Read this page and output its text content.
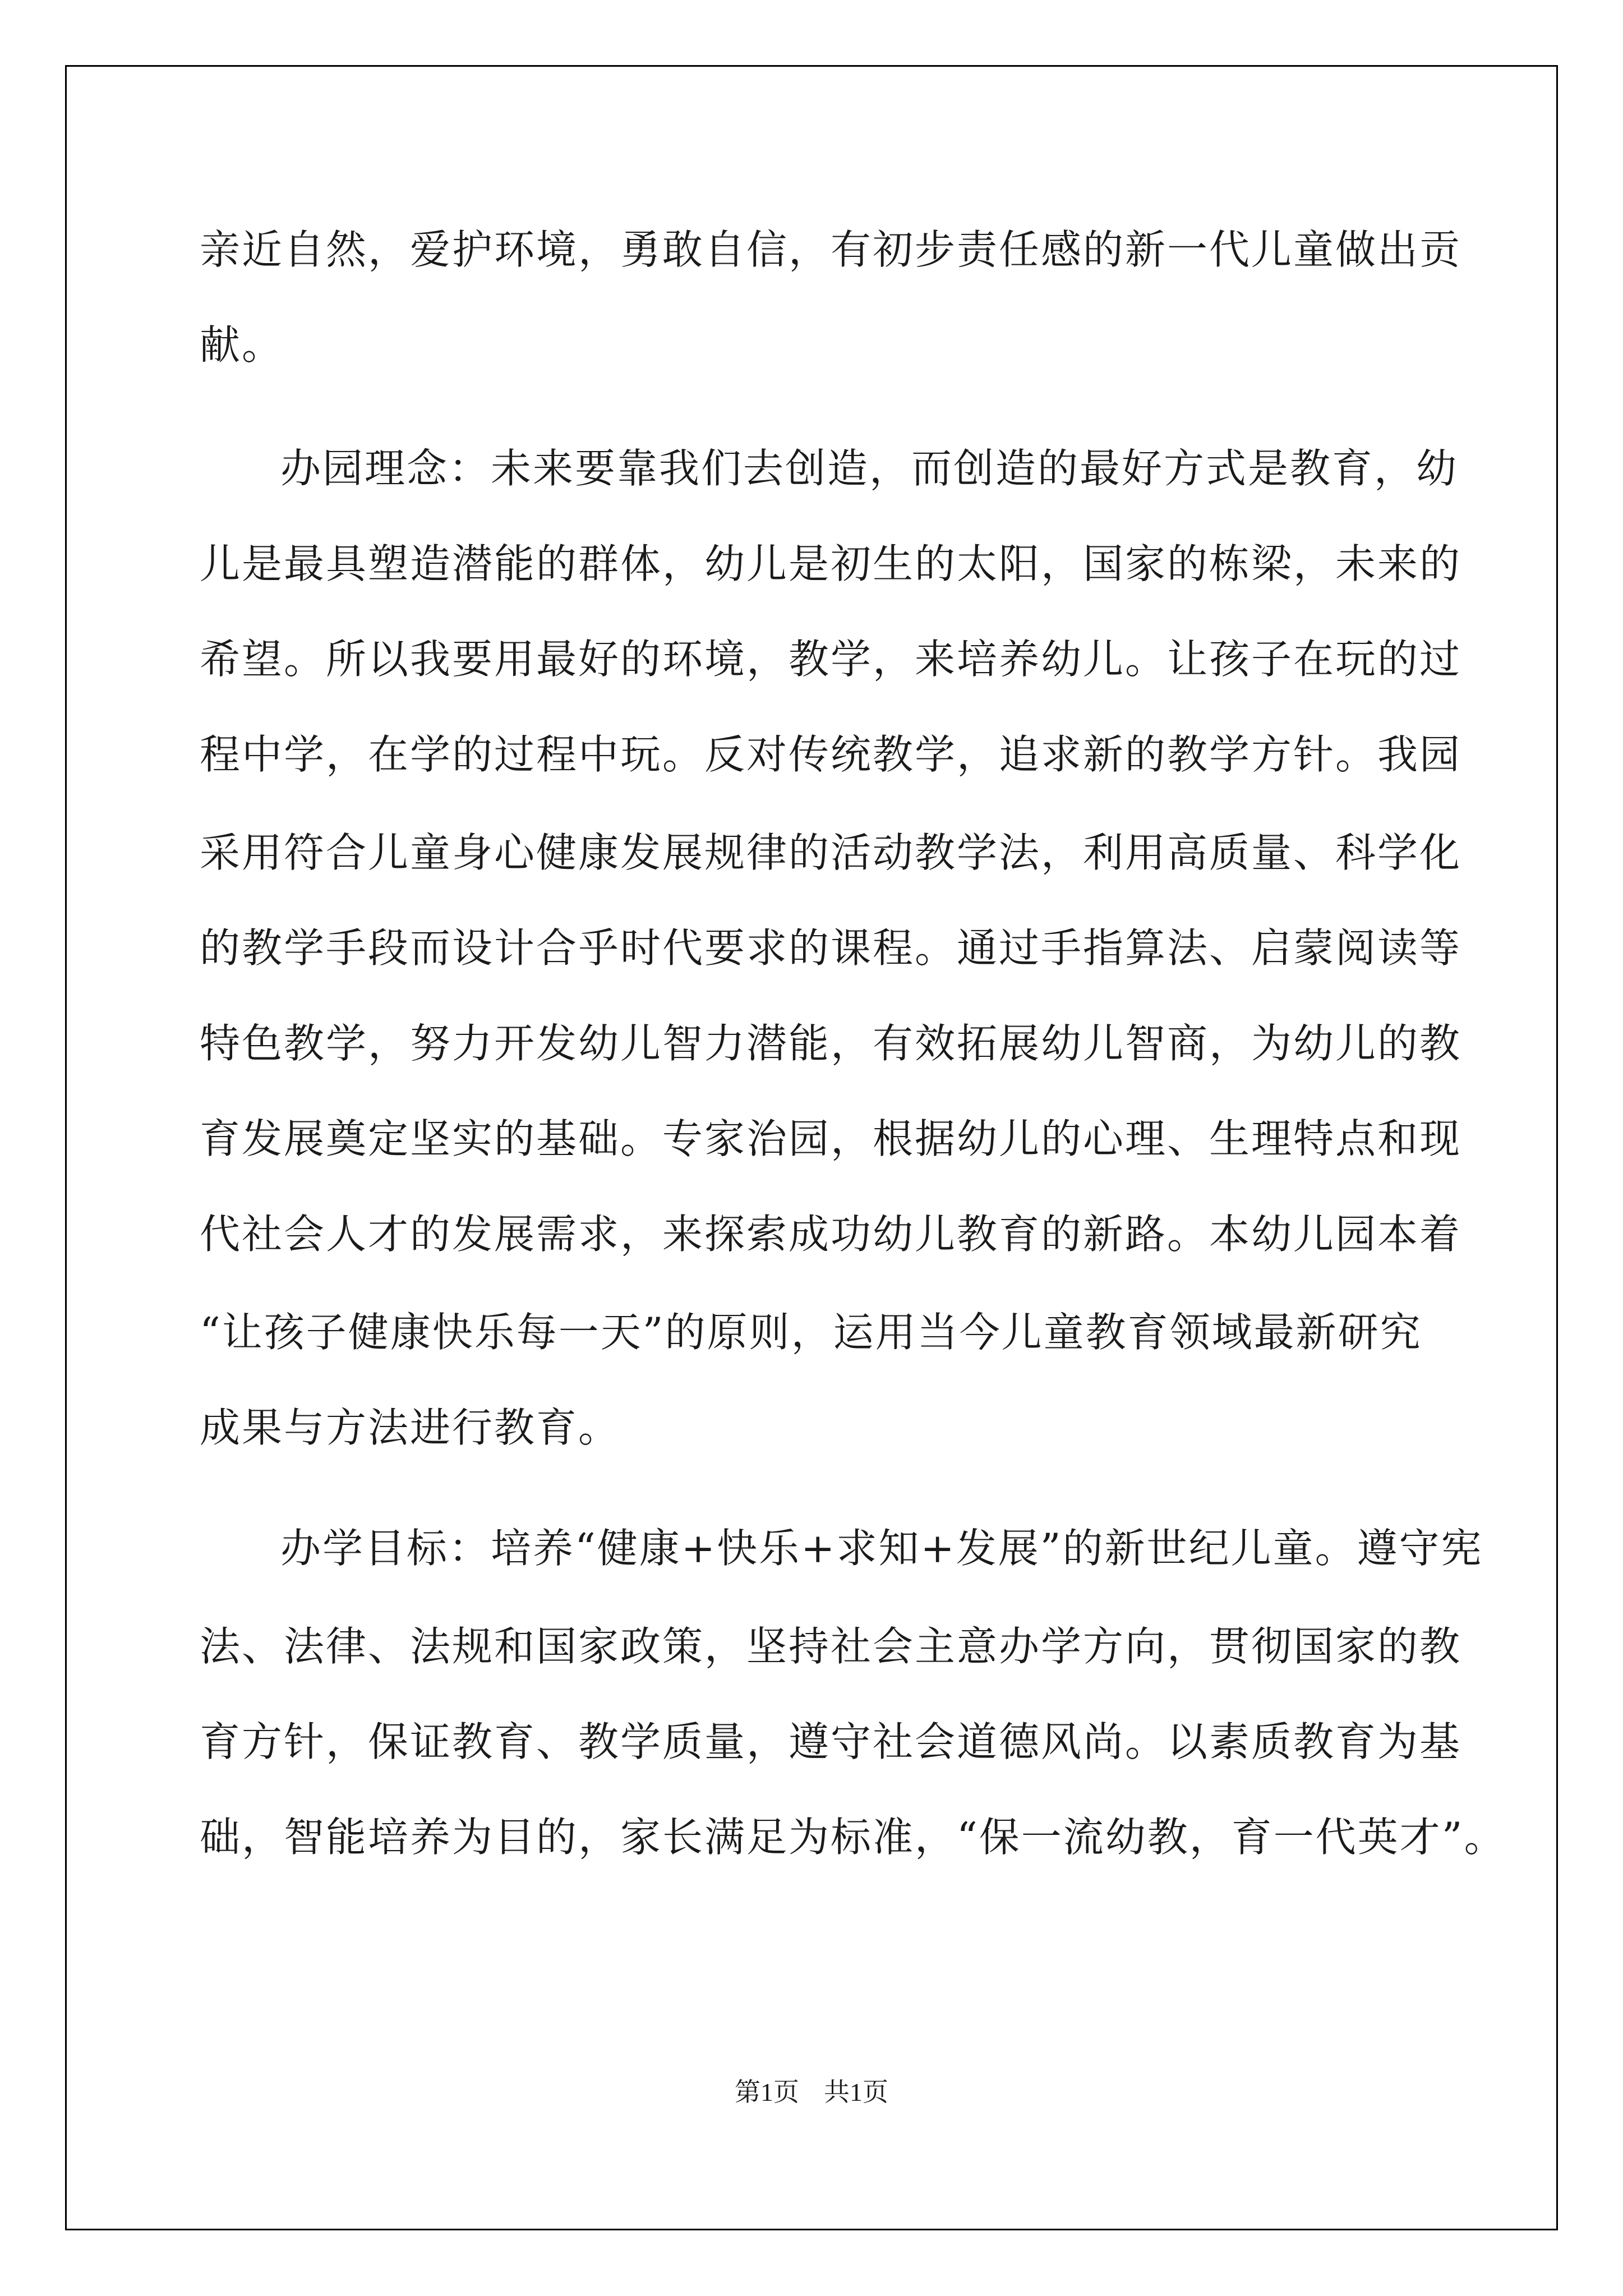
亲近自然，爱护环境，勇敢自信，有初步责任感的新一代儿童做出贡
献。
办园理念：未来要靠我们去创造，而创造的最好方式是教育，幼
儿是最具塑造潜能的群体，幼儿是初生的太阳，国家的栋梁，未来的
希望。所以我要用最好的环境，教学，来培养幼儿。让孩子在玩的过
程中学，在学的过程中玩。反对传统教学，追求新的教学方针。我园
采用符合儿童身心健康发展规律的活动教学法，利用高质量、科学化
的教学手段而设计合乎时代要求的课程。通过手指算法、启蒙阅读等
特色教学，努力开发幼儿智力潜能，有效拓展幼儿智商，为幼儿的教
育发展奠定坚实的基础。专家治园，根据幼儿的心理、生理特点和现
代社会人才的发展需求，来探索成功幼儿教育的新路。本幼儿园本着
“让孩子健康快乐每一天”的原则，运用当今儿童教育领域最新研究
成果与方法进行教育。
办学目标：培养“健康+快乐+求知+发展”的新世纪儿童。遵守宪
法、法律、法规和国家政策，坚持社会主意办学方向，贯彻国家的教
育方针，保证教育、教学质量，遵守社会道德风尚。以素质教育为基
础，智能培养为目的，家长满足为标准，“保一流幼教，育一代英才”。
第1页 共1页
